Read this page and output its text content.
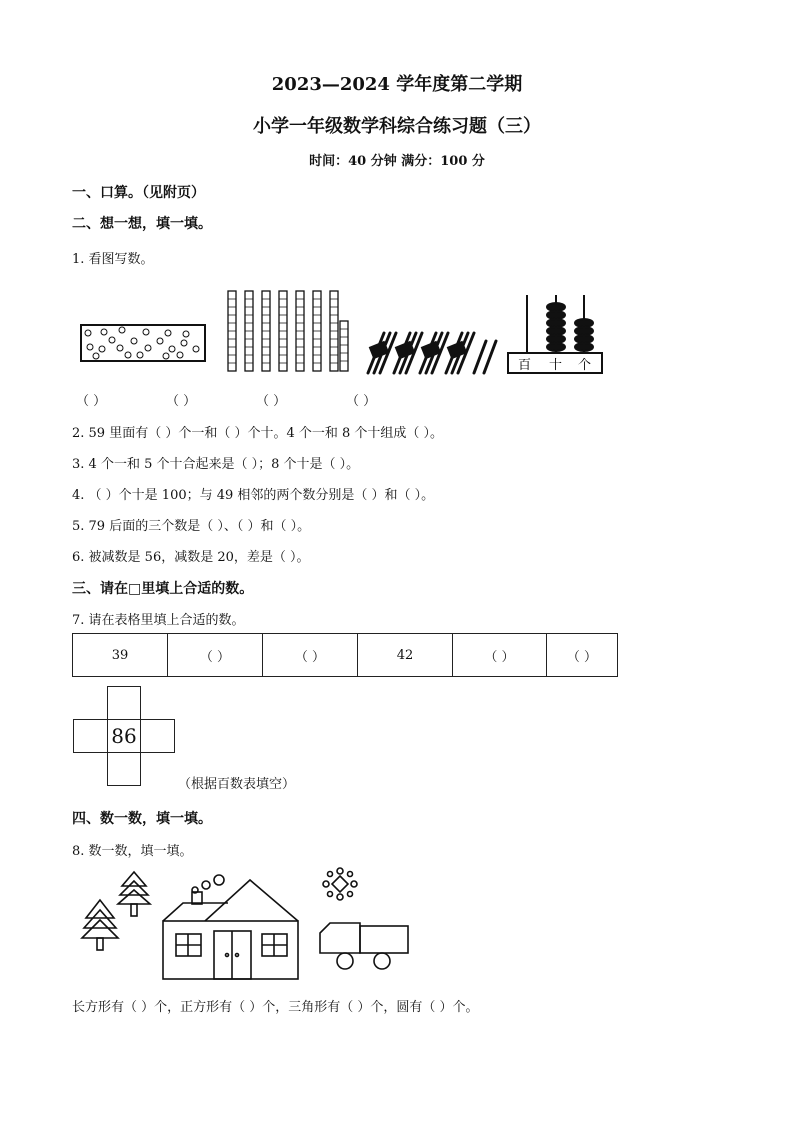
2023—2024 学年度第二学期
小学一年级数学科综合练习题（三）
时间：40 分钟 满分：100 分
一、口算。（见附页）
二、想一想，填一填。
1. 看图写数。
百 十 个
（ ）	（ ）	（ ）	（ ）
2. 59 里面有（ ）个一和（ ）个十。4 个一和 8 个十组成（ ）。
3. 4 个一和 5 个十合起来是（ ）；8 个十是（ ）。
4. （ ）个十是 100；与 49 相邻的两个数分别是（ ）和（ ）。
5. 79 后面的三个数是（ ）、（ ）和（ ）。
6. 被减数是 56，减数是 20，差是（ ）。
三、请在□里填上合适的数。
7. 请在表格里填上合适的数。
39	（ ）	（ ）	42	（ ）	（ ）
86
（根据百数表填空）
四、数一数，填一填。
8. 数一数，填一填。
长方形有（ ）个，正方形有（ ）个，三角形有（ ）个，圆有（ ）个。
